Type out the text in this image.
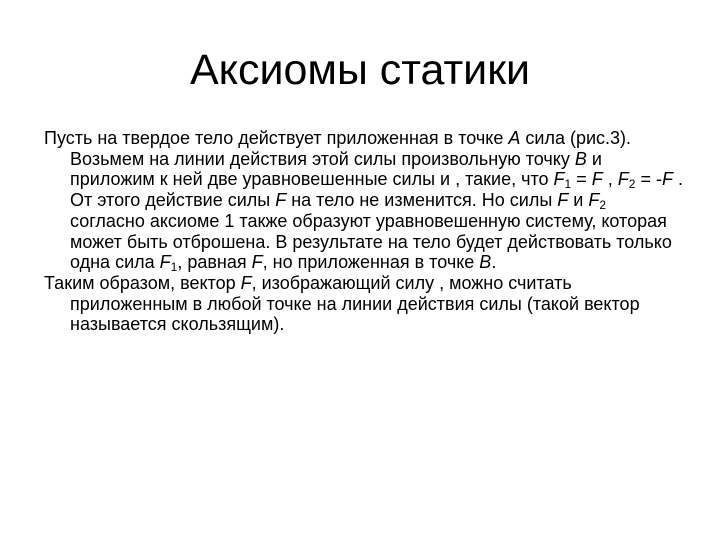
Аксиомы статики

Пусть на твердое тело действует приложенная в точке A сила (рис.3). Возьмем на линии действия этой силы произвольную точку B и приложим к ней две уравновешенные силы и , такие, что $F_1 = F$ , $F_2 = -F$ . От этого действие силы F на тело не изменится. Но силы F и $F_2$ согласно аксиоме 1 также образуют уравновешенную систему, которая может быть отброшена. В результате на тело будет действовать только одна сила $F_1$, равная F, но приложенная в точке B.

Таким образом, вектор F, изображающий силу , можно считать приложенным в любой точке на линии действия силы (такой вектор называется скользящим).
